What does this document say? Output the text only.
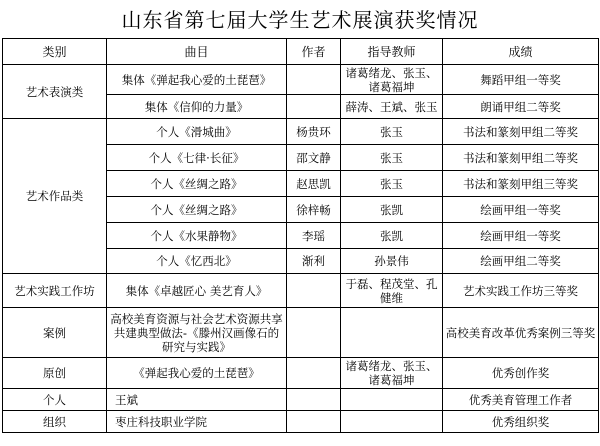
山东省第七届大学生艺术展演获奖情况
类别	曲目	作者	指导教师	成绩
艺术表演类	集体《弹起我心爱的土琵琶》		诸葛绪龙、张玉、诸葛福坤	舞蹈甲组一等奖
	集体《信仰的力量》		薛涛、王斌、张玉	朗诵甲组二等奖
艺术作品类	个人《滑城曲》	杨贵环	张玉	书法和篆刻甲组二等奖
	个人《七律·长征》	邵文静	张玉	书法和篆刻甲组二等奖
	个人《丝绸之路》	赵思凯	张玉	书法和篆刻甲组三等奖
	个人《丝绸之路》	徐梓畅	张凯	绘画甲组一等奖
	个人《水果静物》	李瑶	张凯	绘画甲组一等奖
	个人《忆西北》	渐利	孙景伟	绘画甲组二等奖
艺术实践工作坊	集体《卓越匠心 美艺育人》		于磊、程茂堂、孔健维	艺术实践工作坊三等奖
案例	高校美育资源与社会艺术资源共享共建典型做法-《滕州汉画像石的研究与实践》			高校美育改革优秀案例三等奖
原创	《弹起我心爱的土琵琶》		诸葛绪龙、张玉、诸葛福坤	优秀创作奖
个人	王斌			优秀美育管理工作者
组织	枣庄科技职业学院			优秀组织奖
